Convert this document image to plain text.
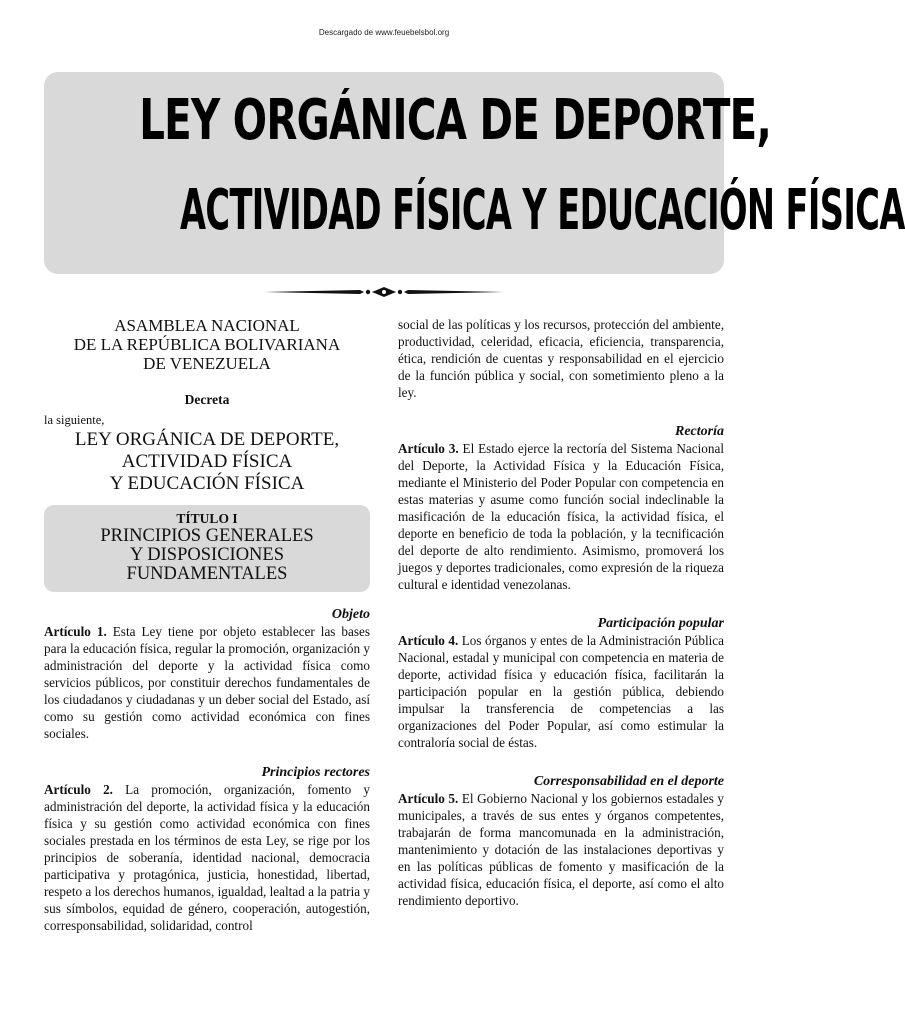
Descargado de www.feuebelsbol.org
LEY ORGÁNICA DE DEPORTE,
ACTIVIDAD FÍSICA Y EDUCACIÓN FÍSICA

ASAMBLEA NACIONAL

DE LA REPÚBLICA BOLIVARIANA

DE VENEZUELA

Decreta
la siguiente,

LEY ORGÁNICA DE DEPORTE,

ACTIVIDAD FÍSICA

Y EDUCACIÓN FÍSICA

TÍTULO I
PRINCIPIOS GENERALES
Y DISPOSICIONES
FUNDAMENTALES

Objeto

Artículo 1. Esta Ley tiene por objeto establecer las bases para la educación física, regular la promoción, organización y administración del deporte y la actividad física como servicios públicos, por constituir derechos fundamentales de los ciudadanos y ciudadanas y un deber social del Estado, así como su gestión como actividad económica con fines sociales.

Principios rectores

Artículo 2. La promoción, organización, fomento y administración del deporte, la actividad física y la educación física y su gestión como actividad económica con fines sociales prestada en los términos de esta Ley, se rige por los principios de soberanía, identidad nacional, democracia participativa y protagónica, justicia, honestidad, libertad, respeto a los derechos humanos, igualdad, lealtad a la patria y sus símbolos, equidad de género, cooperación, autogestión, corresponsabilidad, solidaridad, control

social de las políticas y los recursos, protección del ambiente, productividad, celeridad, eficacia, eficiencia, transparencia, ética, rendición de cuentas y responsabilidad en el ejercicio de la función pública y social, con sometimiento pleno a la ley.

Rectoría

Artículo 3. El Estado ejerce la rectoría del Sistema Nacional del Deporte, la Actividad Física y la Educación Física, mediante el Ministerio del Poder Popular con competencia en estas materias y asume como función social indeclinable la masificación de la educación física, la actividad física, el deporte en beneficio de toda la población, y la tecnificación del deporte de alto rendimiento. Asimismo, promoverá los juegos y deportes tradicionales, como expresión de la riqueza cultural e identidad venezolanas.

Participación popular

Artículo 4. Los órganos y entes de la Administración Pública Nacional, estadal y municipal con competencia en materia de deporte, actividad física y educación física, facilitarán la participación popular en la gestión pública, debiendo impulsar la transferencia de competencias a las organizaciones del Poder Popular, así como estimular la contraloría social de éstas.

Corresponsabilidad en el deporte

Artículo 5. El Gobierno Nacional y los gobiernos estadales y municipales, a través de sus entes y órganos competentes, trabajarán de forma mancomunada en la administración, mantenimiento y dotación de las instalaciones deportivas y en las políticas públicas de fomento y masificación de la actividad física, educación física, el deporte, así como el alto rendimiento deportivo.
